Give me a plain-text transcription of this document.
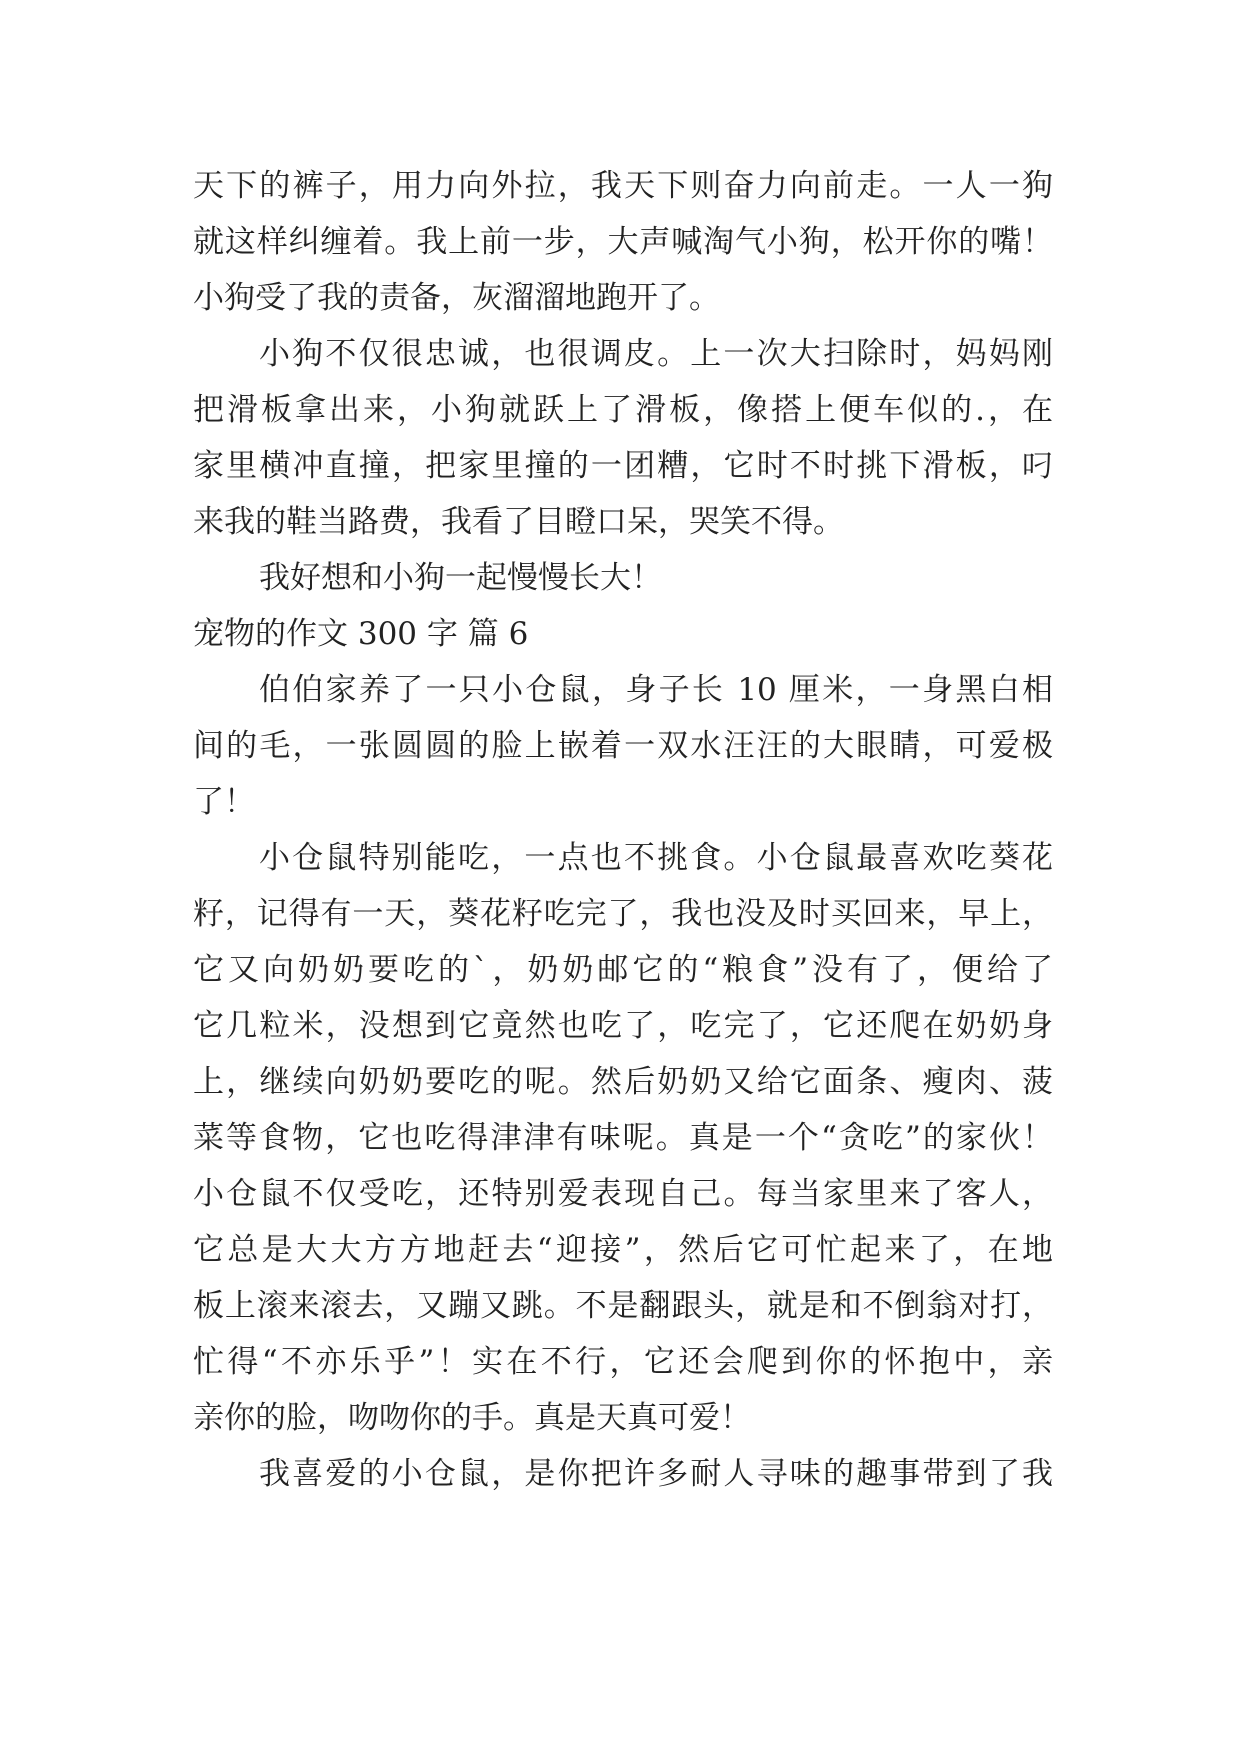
天下的裤子，用力向外拉，我天下则奋力向前走。一人一狗
就这样纠缠着。我上前一步，大声喊淘气小狗，松开你的嘴！
小狗受了我的责备，灰溜溜地跑开了。
小狗不仅很忠诚，也很调皮。上一次大扫除时，妈妈刚
把滑板拿出来，小狗就跃上了滑板，像搭上便车似的.，在
家里横冲直撞，把家里撞的一团糟，它时不时挑下滑板，叼
来我的鞋当路费，我看了目瞪口呆，哭笑不得。
我好想和小狗一起慢慢长大！
宠物的作文 300 字 篇 6
伯伯家养了一只小仓鼠，身子长 10 厘米，一身黑白相
间的毛，一张圆圆的脸上嵌着一双水汪汪的大眼睛，可爱极
了！
小仓鼠特别能吃，一点也不挑食。小仓鼠最喜欢吃葵花
籽，记得有一天，葵花籽吃完了，我也没及时买回来，早上，
它又向奶奶要吃的`，奶奶邮它的“粮食”没有了，便给了
它几粒米，没想到它竟然也吃了，吃完了，它还爬在奶奶身
上，继续向奶奶要吃的呢。然后奶奶又给它面条、瘦肉、菠
菜等食物，它也吃得津津有味呢。真是一个“贪吃”的家伙！
小仓鼠不仅受吃，还特别爱表现自己。每当家里来了客人，
它总是大大方方地赶去“迎接”，然后它可忙起来了，在地
板上滚来滚去，又蹦又跳。不是翻跟头，就是和不倒翁对打，
忙得“不亦乐乎”！实在不行，它还会爬到你的怀抱中，亲
亲你的脸，吻吻你的手。真是天真可爱！
我喜爱的小仓鼠，是你把许多耐人寻味的趣事带到了我
